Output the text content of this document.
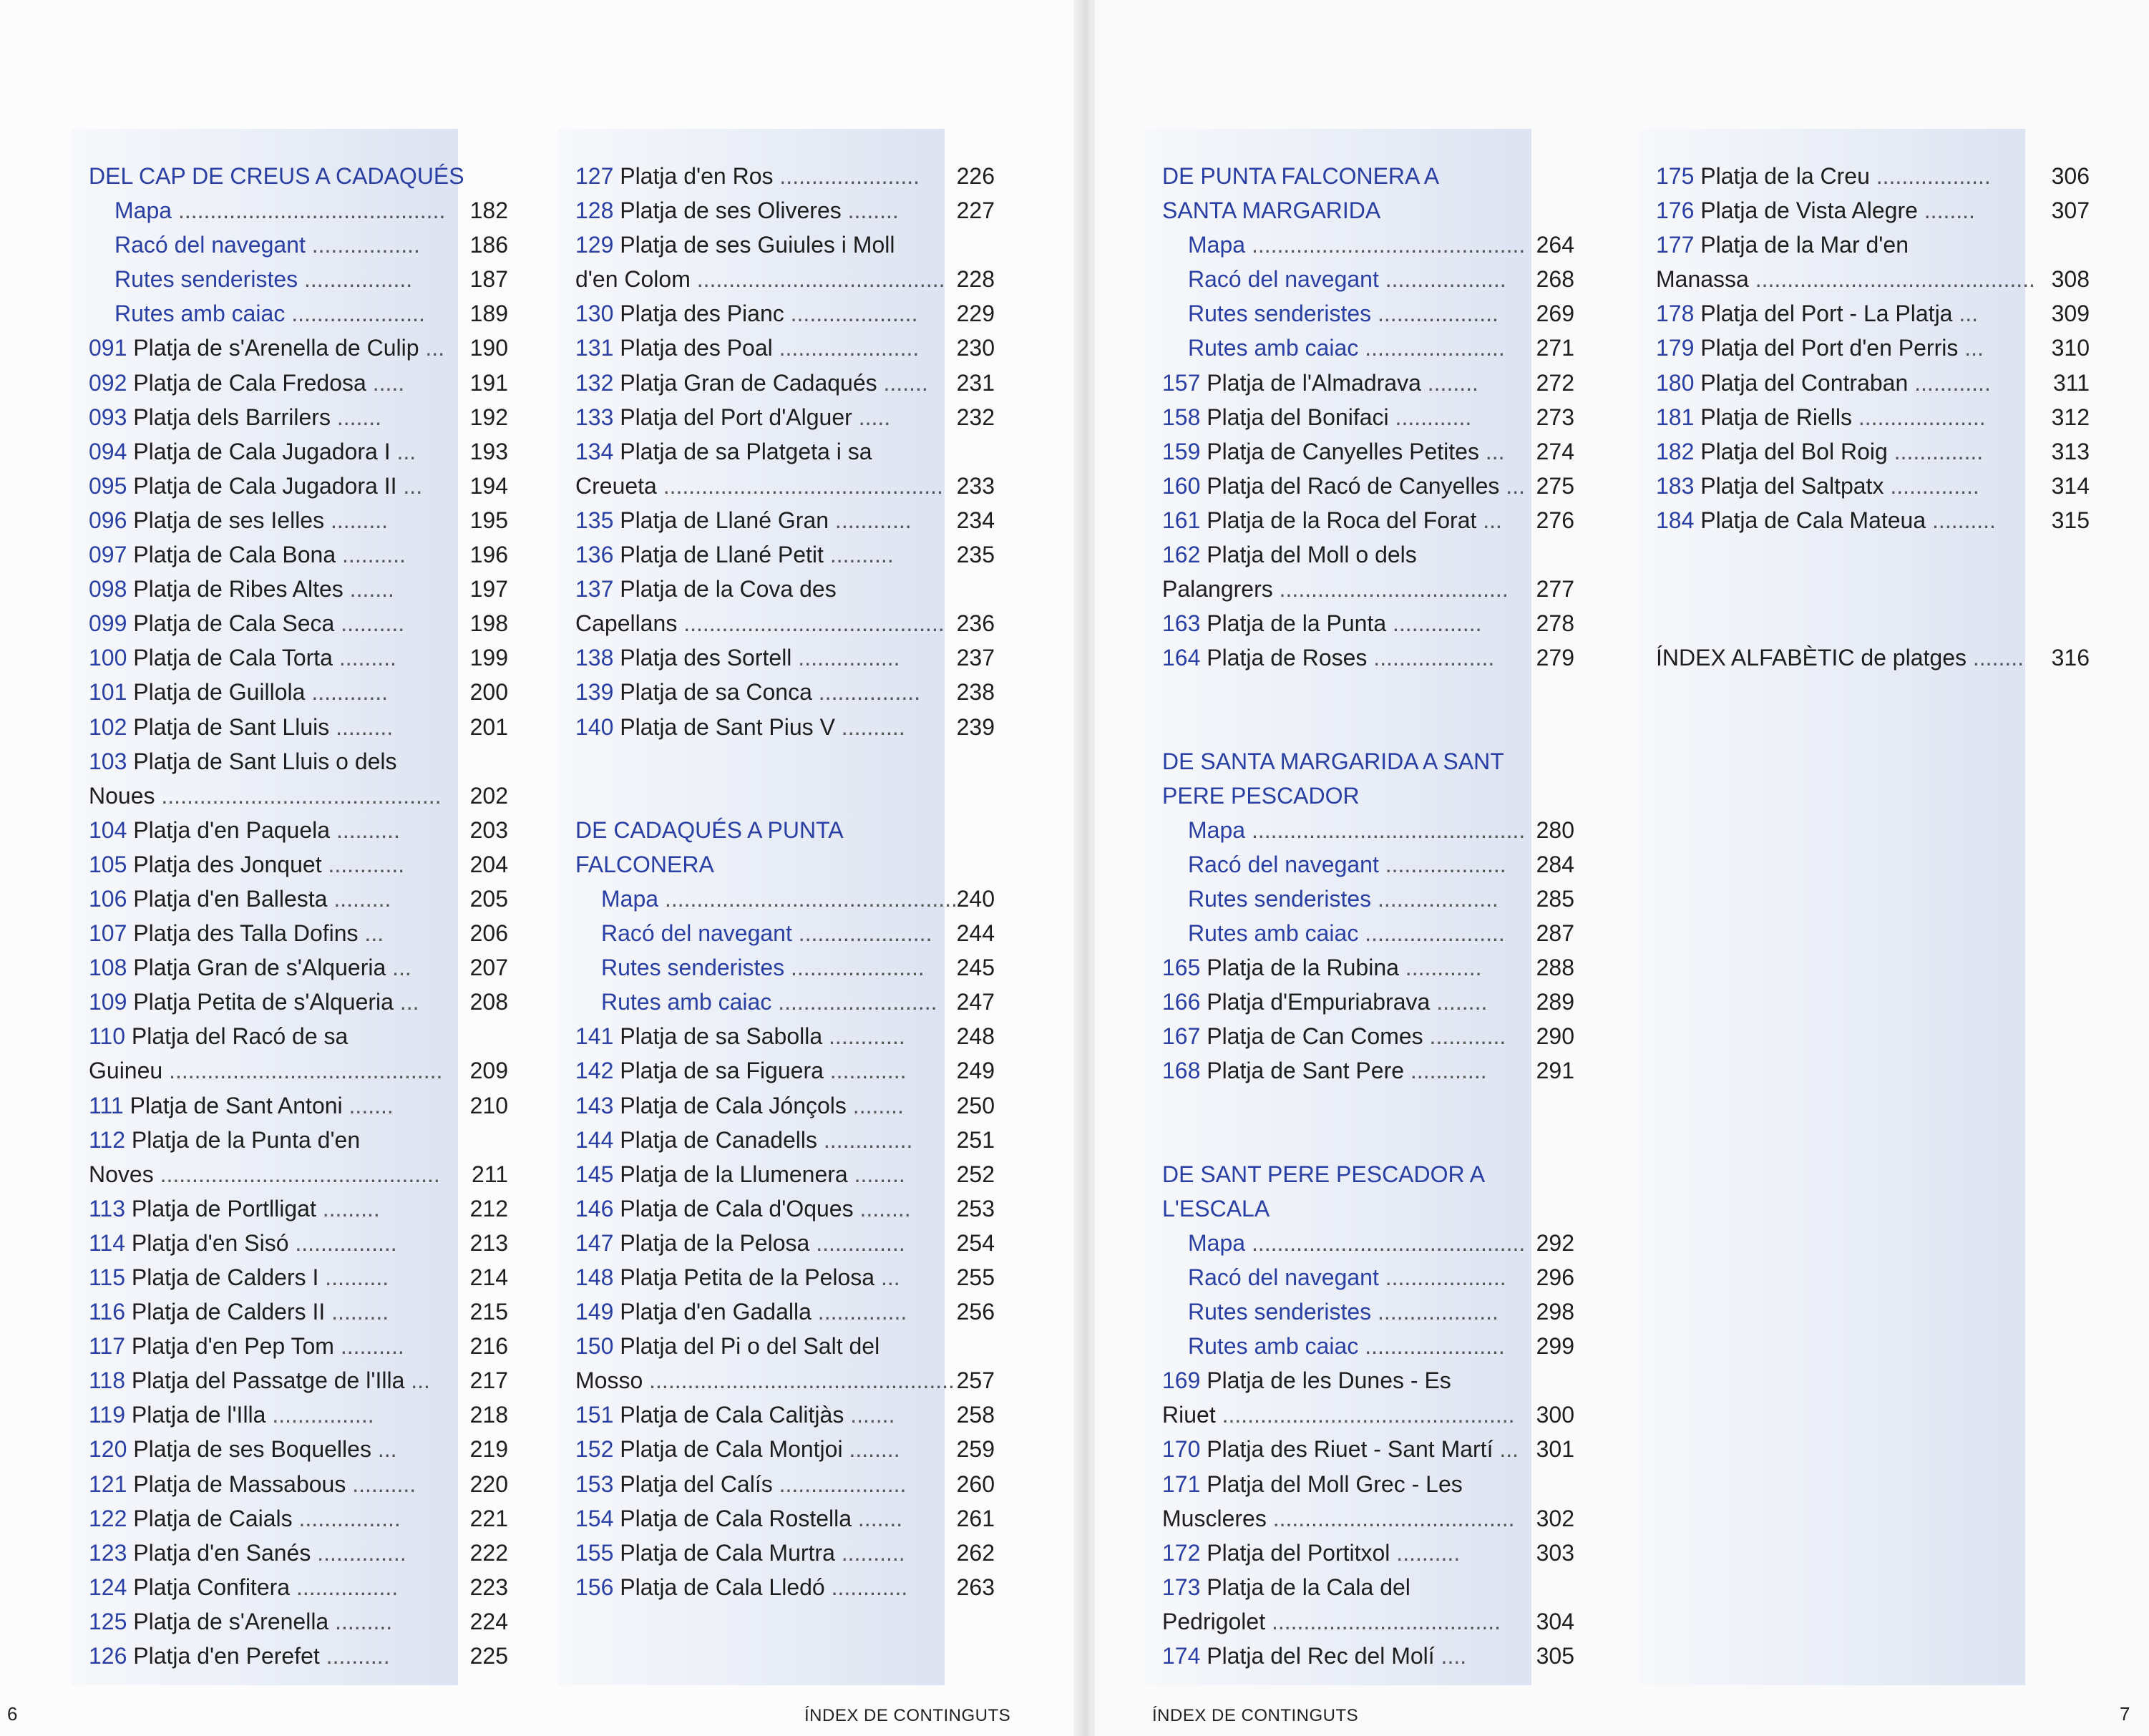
DEL CAP DE CREUS A CADAQUÉS
182
Mapa ..........................................
186
Racó del navegant .................
187
Rutes senderistes .................
189
Rutes amb caiac .....................
190
091 Platja de s'Arenella de Culip ...
191
092 Platja de Cala Fredosa .....
192
093 Platja dels Barrilers .......
193
094 Platja de Cala Jugadora I ...
194
095 Platja de Cala Jugadora II ...
195
096 Platja de ses Ielles .........
196
097 Platja de Cala Bona ..........
197
098 Platja de Ribes Altes .......
198
099 Platja de Cala Seca ..........
199
100 Platja de Cala Torta .........
200
101 Platja de Guillola ............
201
102 Platja de Sant Lluis .........
103 Platja de Sant Lluis o dels
202
Noues ............................................
203
104 Platja d'en Paquela ..........
204
105 Platja des Jonquet ............
205
106 Platja d'en Ballesta .........
206
107 Platja des Talla Dofins ...
207
108 Platja Gran de s'Alqueria ...
208
109 Platja Petita de s'Alqueria ...
110 Platja del Racó de sa
209
Guineu ...........................................
210
111 Platja de Sant Antoni .......
112 Platja de la Punta d'en
211
Noves ............................................
212
113 Platja de Portlligat .........
213
114 Platja d'en Sisó ................
214
115 Platja de Calders I ..........
215
116 Platja de Calders II .........
216
117 Platja d'en Pep Tom ..........
217
118 Platja del Passatge de l'Illa ...
218
119 Platja de l'Illa ................
219
120 Platja de ses Boquelles ...
220
121 Platja de Massabous ..........
221
122 Platja de Caials ................
222
123 Platja d'en Sanés ..............
223
124 Platja Confitera ................
224
125 Platja de s'Arenella .........
225
126 Platja d'en Perefet ..........
226
127 Platja d'en Ros ......................
227
128 Platja de ses Oliveres ........
129 Platja de ses Guiules i Moll
228
d'en Colom .......................................
229
130 Platja des Pianc ....................
230
131 Platja des Poal ......................
231
132 Platja Gran de Cadaqués .......
232
133 Platja del Port d'Alguer .....
134 Platja de sa Platgeta i sa
233
Creueta ............................................
234
135 Platja de Llané Gran ............
235
136 Platja de Llané Petit ..........
137 Platja de la Cova des
236
Capellans .........................................
237
138 Platja des Sortell ................
238
139 Platja de sa Conca ................
239
140 Platja de Sant Pius V ..........
DE CADAQUÉS A PUNTA
FALCONERA
240
Mapa ..............................................
244
Racó del navegant .....................
245
Rutes senderistes .....................
247
Rutes amb caiac .........................
248
141 Platja de sa Sabolla ............
249
142 Platja de sa Figuera ............
250
143 Platja de Cala Jónçols ........
251
144 Platja de Canadells ..............
252
145 Platja de la Llumenera ........
253
146 Platja de Cala d'Oques ........
254
147 Platja de la Pelosa ..............
255
148 Platja Petita de la Pelosa ...
256
149 Platja d'en Gadalla ..............
150 Platja del Pi o del Salt del
257
Mosso ................................................
258
151 Platja de Cala Calitjàs .......
259
152 Platja de Cala Montjoi ........
260
153 Platja del Calís ....................
261
154 Platja de Cala Rostella .......
262
155 Platja de Cala Murtra ..........
263
156 Platja de Cala Lledó ............
6	ÍNDEX DE CONTINGUTS
DE PUNTA FALCONERA A
SANTA MARGARIDA
264
Mapa ...........................................
268
Racó del navegant ...................
269
Rutes senderistes ...................
271
Rutes amb caiac ......................
272
157 Platja de l'Almadrava ........
273
158 Platja del Bonifaci ............
274
159 Platja de Canyelles Petites ...
275
160 Platja del Racó de Canyelles ...
276
161 Platja de la Roca del Forat ...
162 Platja del Moll o dels
277
Palangrers ....................................
278
163 Platja de la Punta ..............
279
164 Platja de Roses ...................
DE SANTA MARGARIDA A SANT
PERE PESCADOR
280
Mapa ...........................................
284
Racó del navegant ...................
285
Rutes senderistes ...................
287
Rutes amb caiac ......................
288
165 Platja de la Rubina ............
289
166 Platja d'Empuriabrava ........
290
167 Platja de Can Comes ............
291
168 Platja de Sant Pere ............
DE SANT PERE PESCADOR A
L'ESCALA
292
Mapa ...........................................
296
Racó del navegant ...................
298
Rutes senderistes ...................
299
Rutes amb caiac ......................
169 Platja de les Dunes - Es
300
Riuet ..............................................
301
170 Platja des Riuet - Sant Martí ...
171 Platja del Moll Grec - Les
302
Muscleres ......................................
303
172 Platja del Portitxol ..........
173 Platja de la Cala del
304
Pedrigolet ....................................
305
174 Platja del Rec del Molí ....
306
175 Platja de la Creu ..................
307
176 Platja de Vista Alegre ........
177 Platja de la Mar d'en
308
Manassa ............................................
309
178 Platja del Port - La Platja ...
310
179 Platja del Port d'en Perris ...
311
180 Platja del Contraban ............
312
181 Platja de Riells ....................
313
182 Platja del Bol Roig ..............
314
183 Platja del Saltpatx ..............
315
184 Platja de Cala Mateua ..........
316
ÍNDEX ALFABÈTIC de platges ........
ÍNDEX DE CONTINGUTS	7
